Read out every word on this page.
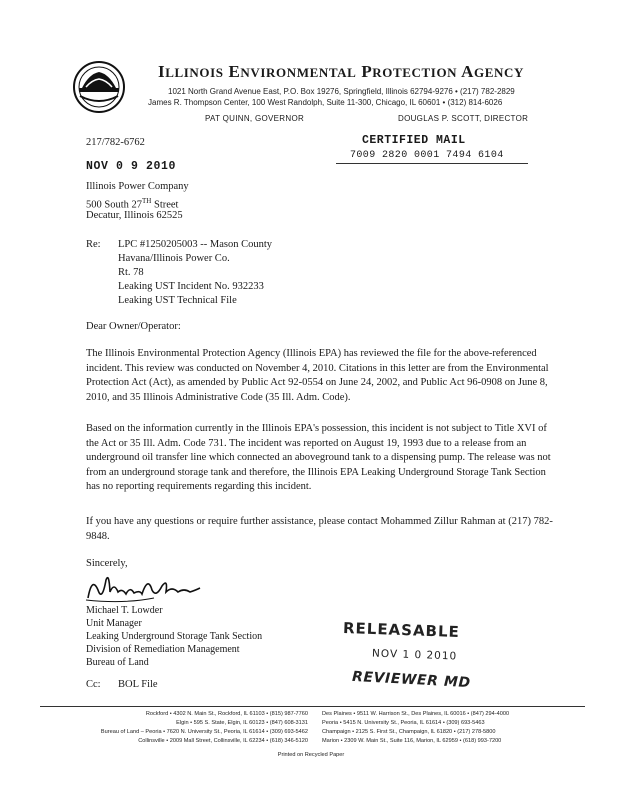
ILLINOIS ENVIRONMENTAL PROTECTION AGENCY
1021 North Grand Avenue East, P.O. Box 19276, Springfield, Illinois 62794-9276 • (217) 782-2829
James R. Thompson Center, 100 West Randolph, Suite 11-300, Chicago, IL 60601 • (312) 814-6026
PAT QUINN, GOVERNOR	DOUGLAS P. SCOTT, DIRECTOR
217/782-6762	CERTIFIED MAIL
7009 2820 0001 7494 6104
NOV 0 9 2010
Illinois Power Company
500 South 27TH Street
Decatur, Illinois 62525
Re: LPC #1250205003 -- Mason County
Havana/Illinois Power Co.
Rt. 78
Leaking UST Incident No. 932233
Leaking UST Technical File
Dear Owner/Operator:
The Illinois Environmental Protection Agency (Illinois EPA) has reviewed the file for the above-referenced incident. This review was conducted on November 4, 2010. Citations in this letter are from the Environmental Protection Act (Act), as amended by Public Act 92-0554 on June 24, 2002, and Public Act 96-0908 on June 8, 2010, and 35 Illinois Administrative Code (35 Ill. Adm. Code).
Based on the information currently in the Illinois EPA's possession, this incident is not subject to Title XVI of the Act or 35 Ill. Adm. Code 731. The incident was reported on August 19, 1993 due to a release from an underground oil transfer line which connected an aboveground tank to a dispensing pump. The release was not from an underground storage tank and therefore, the Illinois EPA Leaking Underground Storage Tank Section has no reporting requirements regarding this incident.
If you have any questions or require further assistance, please contact Mohammed Zillur Rahman at (217) 782-9848.
Sincerely,
Michael T. Lowder
Unit Manager
Leaking Underground Storage Tank Section
Division of Remediation Management
Bureau of Land
Cc: BOL File
RELEASABLE
NOV 1 0 2010
REVIEWER MD
Rockford • 4302 N. Main St., Rockford, IL 61103 • (815) 987-7760
Elgin • 595 S. State, Elgin, IL 60123 • (847) 608-3131
Bureau of Land – Peoria • 7620 N. University St., Peoria, IL 61614 • (309) 693-5462
Collinsville • 2009 Mall Street, Collinsville, IL 62234 • (618) 346-5120
Des Plaines • 9511 W. Harrison St., Des Plaines, IL 60016 • (847) 294-4000
Peoria • 5415 N. University St., Peoria, IL 61614 • (309) 693-5463
Champaign • 2125 S. First St., Champaign, IL 61820 • (217) 278-5800
Marion • 2309 W. Main St., Suite 116, Marion, IL 62959 • (618) 993-7200
Printed on Recycled Paper
